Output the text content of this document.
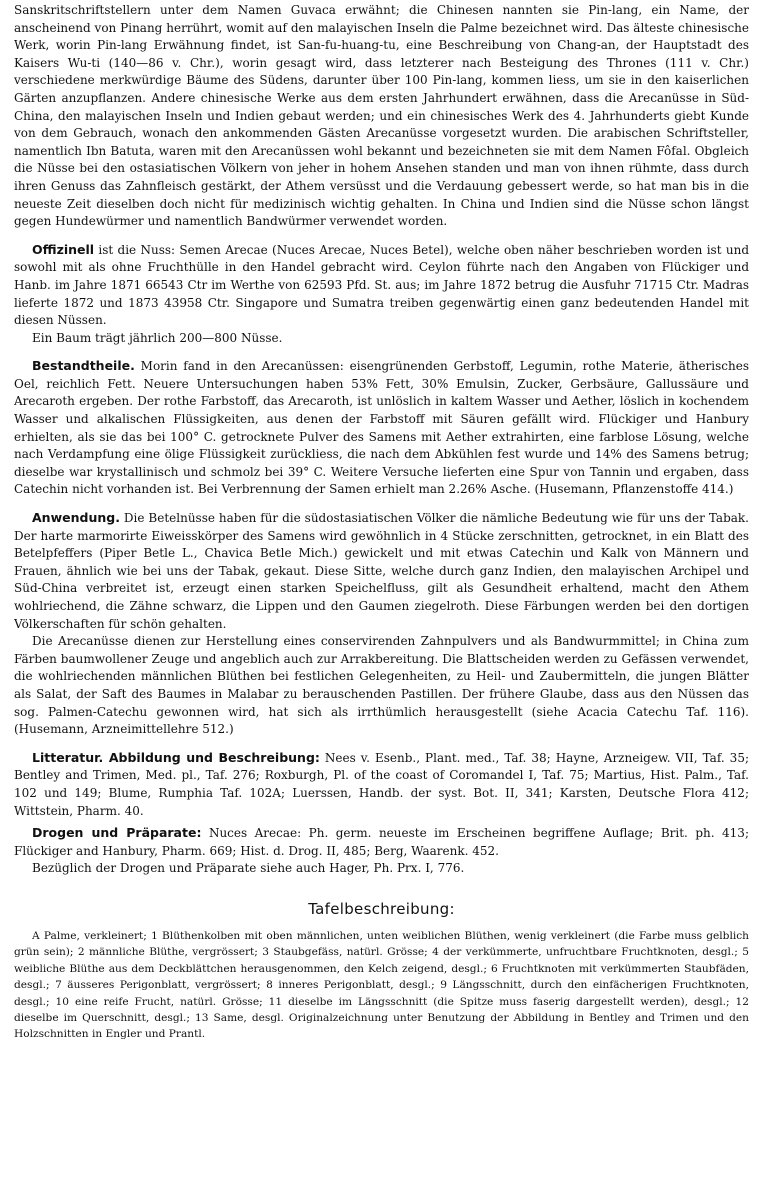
Sanskritschriftstellern unter dem Namen Guvaca erwähnt; die Chinesen nannten sie Pin-lang, ein Name, der anscheinend von Pinang herrührt, womit auf den malayischen Inseln die Palme bezeichnet wird. Das älteste chinesische Werk, worin Pin-lang Erwähnung findet, ist San-fu-huang-tu, eine Beschreibung von Chang-an, der Hauptstadt des Kaisers Wu-ti (140—86 v. Chr.), worin gesagt wird, dass letzterer nach Besteigung des Thrones (111 v. Chr.) verschiedene merkwürdige Bäume des Südens, darunter über 100 Pin-lang, kommen liess, um sie in den kaiserlichen Gärten anzupflanzen. Andere chinesische Werke aus dem ersten Jahrhundert erwähnen, dass die Arecanüsse in Süd-China, den malayischen Inseln und Indien gebaut werden; und ein chinesisches Werk des 4. Jahrhunderts giebt Kunde von dem Gebrauch, wonach den ankommenden Gästen Arecanüsse vorgesetzt wurden. Die arabischen Schriftsteller, namentlich Ibn Batuta, waren mit den Arecanüssen wohl bekannt und bezeichneten sie mit dem Namen Fôfal. Obgleich die Nüsse bei den ostasiatischen Völkern von jeher in hohem Ansehen standen und man von ihnen rühmte, dass durch ihren Genuss das Zahnfleisch gestärkt, der Athem versüsst und die Verdauung gebessert werde, so hat man bis in die neueste Zeit dieselben doch nicht für medizinisch wichtig gehalten. In China und Indien sind die Nüsse schon längst gegen Hundewürmer und namentlich Bandwürmer verwendet worden.

Offizinell ist die Nuss: Semen Arecae (Nuces Arecae, Nuces Betel), welche oben näher beschrieben worden ist und sowohl mit als ohne Fruchthülle in den Handel gebracht wird. Ceylon führte nach den Angaben von Flückiger und Hanb. im Jahre 1871 66543 Ctr im Werthe von 62593 Pfd. St. aus; im Jahre 1872 betrug die Ausfuhr 71715 Ctr. Madras lieferte 1872 und 1873 43958 Ctr. Singapore und Sumatra treiben gegenwärtig einen ganz bedeutenden Handel mit diesen Nüssen.

Ein Baum trägt jährlich 200—800 Nüsse.

Bestandtheile. Morin fand in den Arecanüssen: eisengrünenden Gerbstoff, Legumin, rothe Materie, ätherisches Oel, reichlich Fett. Neuere Untersuchungen haben 53% Fett, 30% Emulsin, Zucker, Gerbsäure, Gallussäure und Arecaroth ergeben. Der rothe Farbstoff, das Arecaroth, ist unlöslich in kaltem Wasser und Aether, löslich in kochendem Wasser und alkalischen Flüssigkeiten, aus denen der Farbstoff mit Säuren gefällt wird. Flückiger und Hanbury erhielten, als sie das bei 100° C. getrocknete Pulver des Samens mit Aether extrahirten, eine farblose Lösung, welche nach Verdampfung eine ölige Flüssigkeit zurückliess, die nach dem Abkühlen fest wurde und 14% des Samens betrug; dieselbe war krystallinisch und schmolz bei 39° C. Weitere Versuche lieferten eine Spur von Tannin und ergaben, dass Catechin nicht vorhanden ist. Bei Verbrennung der Samen erhielt man 2.26% Asche. (Husemann, Pflanzenstoffe 414.)

Anwendung. Die Betelnüsse haben für die südostasiatischen Völker die nämliche Bedeutung wie für uns der Tabak. Der harte marmorirte Eiweisskörper des Samens wird gewöhnlich in 4 Stücke zerschnitten, getrocknet, in ein Blatt des Betelpfeffers (Piper Betle L., Chavica Betle Mich.) gewickelt und mit etwas Catechin und Kalk von Männern und Frauen, ähnlich wie bei uns der Tabak, gekaut. Diese Sitte, welche durch ganz Indien, den malayischen Archipel und Süd-China verbreitet ist, erzeugt einen starken Speichelfluss, gilt als Gesundheit erhaltend, macht den Athem wohlriechend, die Zähne schwarz, die Lippen und den Gaumen ziegelroth. Diese Färbungen werden bei den dortigen Völkerschaften für schön gehalten.

Die Arecanüsse dienen zur Herstellung eines conservirenden Zahnpulvers und als Bandwurmmittel; in China zum Färben baumwollener Zeuge und angeblich auch zur Arrakbereitung. Die Blattscheiden werden zu Gefässen verwendet, die wohlriechenden männlichen Blüthen bei festlichen Gelegenheiten, zu Heil- und Zaubermitteln, die jungen Blätter als Salat, der Saft des Baumes in Malabar zu berauschenden Pastillen. Der frühere Glaube, dass aus den Nüssen das sog. Palmen-Catechu gewonnen wird, hat sich als irrthümlich herausgestellt (siehe Acacia Catechu Taf. 116). (Husemann, Arzneimittellehre 512.)

Litteratur. Abbildung und Beschreibung: Nees v. Esenb., Plant. med., Taf. 38; Hayne, Arzneigew. VII, Taf. 35; Bentley and Trimen, Med. pl., Taf. 276; Roxburgh, Pl. of the coast of Coromandel I, Taf. 75; Martius, Hist. Palm., Taf. 102 und 149; Blume, Rumphia Taf. 102A; Luerssen, Handb. der syst. Bot. II, 341; Karsten, Deutsche Flora 412; Wittstein, Pharm. 40.

Drogen und Präparate: Nuces Arecae: Ph. germ. neueste im Erscheinen begriffene Auflage; Brit. ph. 413; Flückiger and Hanbury, Pharm. 669; Hist. d. Drog. II, 485; Berg, Waarenk. 452.

Bezüglich der Drogen und Präparate siehe auch Hager, Ph. Prx. I, 776.

Tafelbeschreibung:

A Palme, verkleinert; 1 Blüthenkolben mit oben männlichen, unten weiblichen Blüthen, wenig verkleinert (die Farbe muss gelblich grün sein); 2 männliche Blüthe, vergrössert; 3 Staubgefäss, natürl. Grösse; 4 der verkümmerte, unfruchtbare Fruchtknoten, desgl.; 5 weibliche Blüthe aus dem Deckblättchen herausgenommen, den Kelch zeigend, desgl.; 6 Fruchtknoten mit verkümmerten Staubfäden, desgl.; 7 äusseres Perigonblatt, vergrössert; 8 inneres Perigonblatt, desgl.; 9 Längsschnitt, durch den einfächerigen Fruchtknoten, desgl.; 10 eine reife Frucht, natürl. Grösse; 11 dieselbe im Längsschnitt (die Spitze muss faserig dargestellt werden), desgl.; 12 dieselbe im Querschnitt, desgl.; 13 Same, desgl. Originalzeichnung unter Benutzung der Abbildung in Bentley and Trimen und den Holzschnitten in Engler und Prantl.
